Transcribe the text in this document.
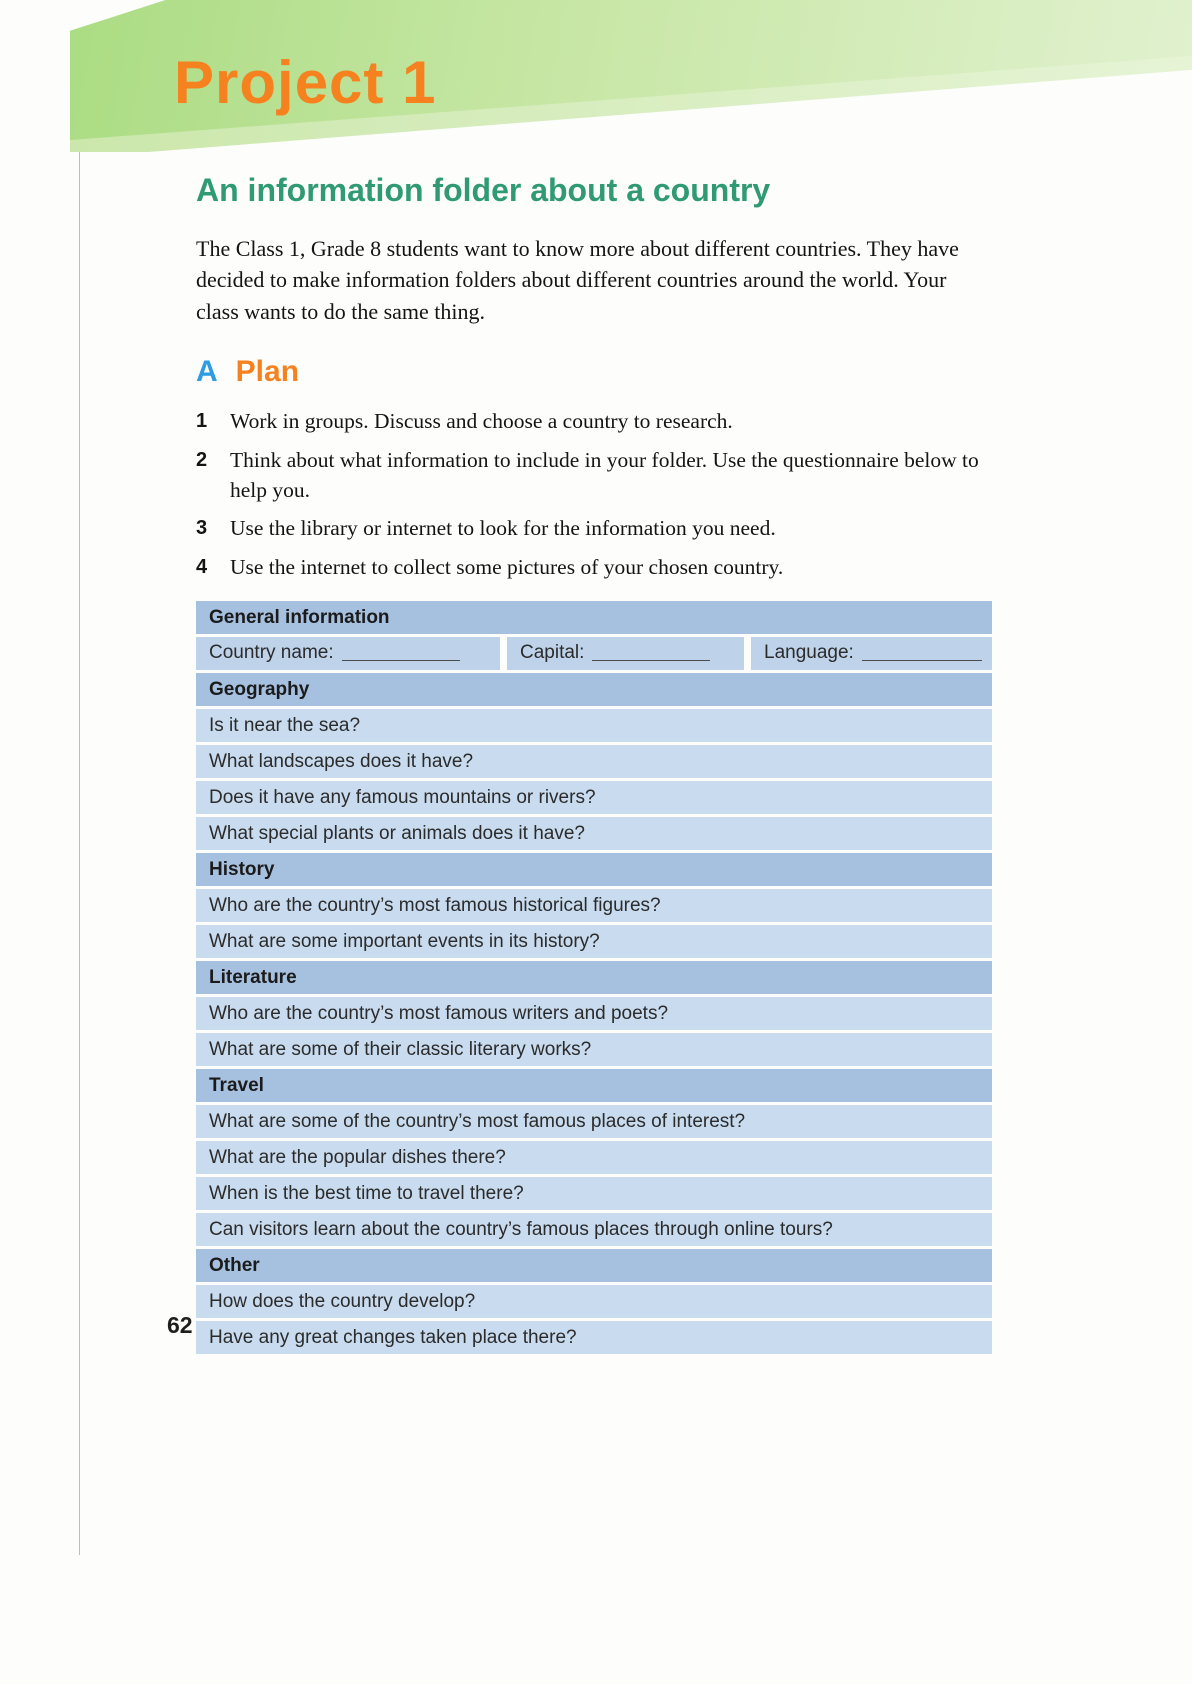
Project 1
An information folder about a country

The Class 1, Grade 8 students want to know more about different countries. They have decided to make information folders about different countries around the world. Your class wants to do the same thing.

A Plan
1	Work in groups. Discuss and choose a country to research.
2	Think about what information to include in your folder. Use the questionnaire below to help you.
3	Use the library or internet to look for the information you need.
4	Use the internet to collect some pictures of your chosen country.
General information
Country name:	Capital:	Language:
Geography
Is it near the sea?
What landscapes does it have?
Does it have any famous mountains or rivers?
What special plants or animals does it have?
History
Who are the country’s most famous historical figures?
What are some important events in its history?
Literature
Who are the country’s most famous writers and poets?
What are some of their classic literary works?
Travel
What are some of the country’s most famous places of interest?
What are the popular dishes there?
When is the best time to travel there?
Can visitors learn about the country’s famous places through online tours?
Other
How does the country develop?
Have any great changes taken place there?
62
